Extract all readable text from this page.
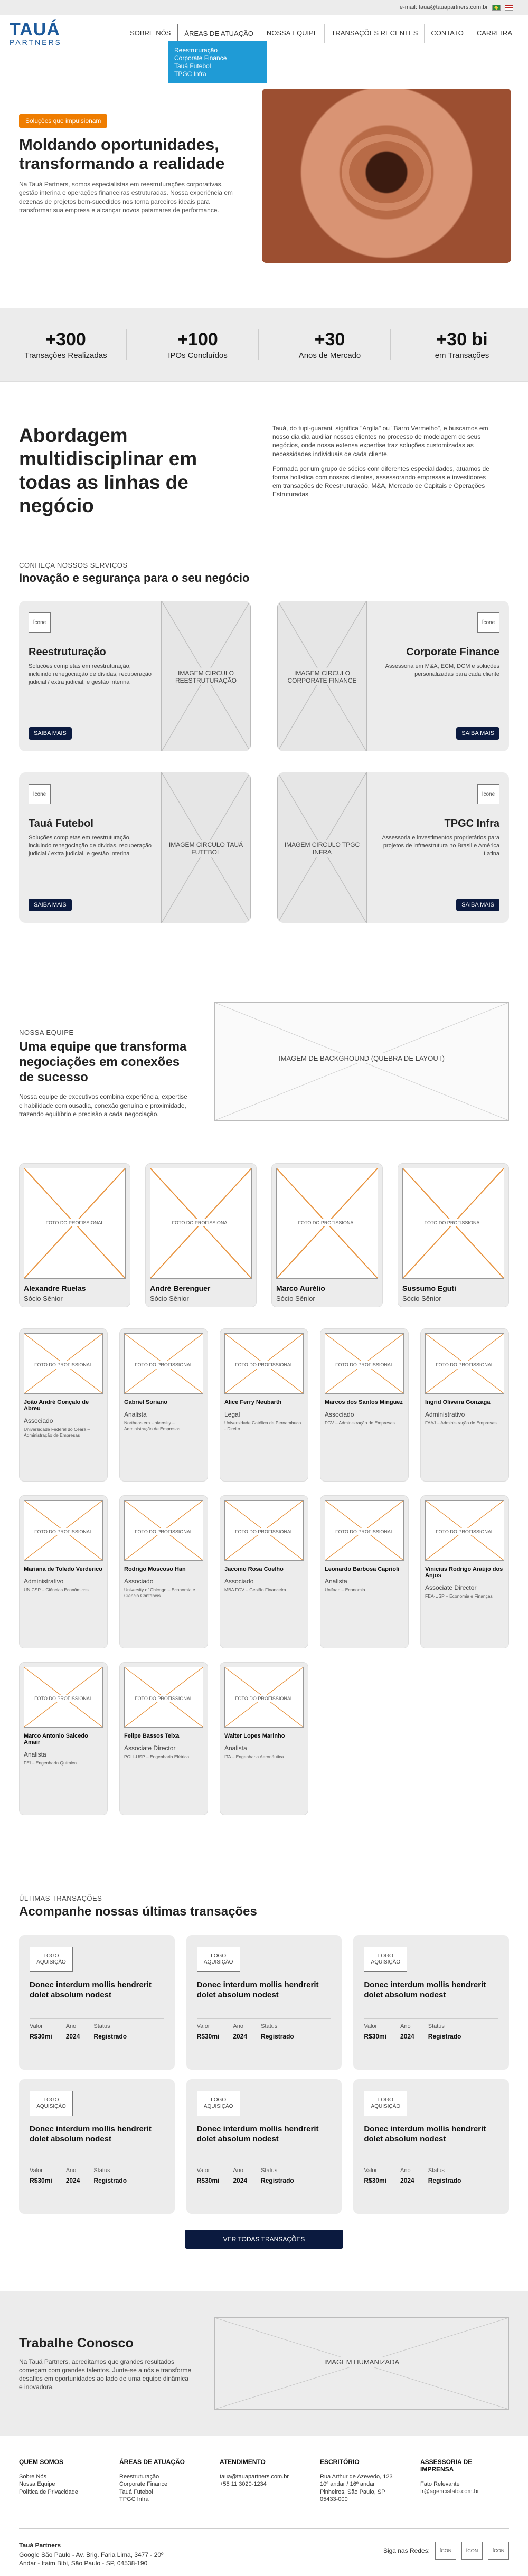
e-mail: taua@tauapartners.com.br
TAUÁ
PARTNERS
SOBRE NÓS	ÁREAS DE ATUAÇÃO	NOSSA EQUIPE	TRANSAÇÕES RECENTES	CONTATO	CARREIRA
Reestruturação
Corporate Finance
Tauá Futebol
TPGC Infra
Soluções que impulsionam
Moldando oportunidades, transformando a realidade

Na Tauá Partners, somos especialistas em reestruturações corporativas, gestão interina e operações financeiras estruturadas. Nossa experiência em dezenas de projetos bem-sucedidos nos torna parceiros ideais para transformar sua empresa e alcançar novos patamares de performance.

+300
Transações Realizadas
+100
IPOs Concluídos
+30
Anos de Mercado
+30 bi
em Transações
Abordagem multidisciplinar em todas as linhas de negócio

Tauá, do tupi-guarani, significa "Argila" ou "Barro Vermelho", e buscamos em nosso dia dia auxiliar nossos clientes no processo de modelagem de seus negócios, onde nossa extensa expertise traz soluções customizadas as necessidades individuais de cada cliente.

Formada por um grupo de sócios com diferentes especialidades, atuamos de forma holística com nossos clientes, assessorando empresas e investidores em transações de Reestruturação, M&A, Mercado de Capitais e Operações Estruturadas

CONHEÇA NOSSOS SERVIÇOS
Inovação e segurança para o seu negócio
Ícone
Reestruturação

Soluções completas em reestruturação, incluindo renegociação de dívidas, recuperação judicial / extra judicial, e gestão interina

SAIBA MAIS
IMAGEM CIRCULO REESTRUTURAÇÃO
IMAGEM CIRCULO CORPORATE FINANCE
Ícone
Corporate Finance

Assessoria em M&A, ECM, DCM e soluções personalizadas para cada cliente

SAIBA MAIS
Ícone
Tauá Futebol

Soluções completas em reestruturação, incluindo renegociação de dívidas, recuperação judicial / extra judicial, e gestão interina

SAIBA MAIS
IMAGEM CIRCULO TAUÁ FUTEBOL
IMAGEM CIRCULO TPGC INFRA
Ícone
TPGC Infra

Assessoria e investimentos proprietários para projetos de infraestrutura no Brasil e América Latina

SAIBA MAIS
NOSSA EQUIPE
Uma equipe que transforma negociações em conexões de sucesso

Nossa equipe de executivos combina experiência, expertise e habilidade com ousadia, conexão genuína e proximidade, trazendo equilíbrio e precisão a cada negociação.

IMAGEM DE BACKGROUND (QUEBRA DE LAYOUT)
FOTO DO PROFISSIONAL
Alexandre Ruelas
Sócio Sênior
FOTO DO PROFISSIONAL
André Berenguer
Sócio Sênior
FOTO DO PROFISSIONAL
Marco Aurélio
Sócio Sênior
FOTO DO PROFISSIONAL
Sussumo Eguti
Sócio Sênior
FOTO DO PROFISSIONAL
João André Gonçalo de Abreu
Associado
Universidade Federal do Ceará – Administração de Empresas
FOTO DO PROFISSIONAL
Gabriel Soriano
Analista
Northeastern University – Administração de Empresas
FOTO DO PROFISSIONAL
Alice Ferry Neubarth
Legal
Universidade Católica de Pernambuco - Direito
FOTO DO PROFISSIONAL
Marcos dos Santos Minguez
Associado
FGV – Administração de Empresas
FOTO DO PROFISSIONAL
Ingrid Oliveira Gonzaga
Administrativo
FAAJ – Administração de Empresas
FOTO DO PROFISSIONAL
Mariana de Toledo Verderico
Administrativo
UNICSP – Ciências Econômicas
FOTO DO PROFISSIONAL
Rodrigo Moscoso Han
Associado
University of Chicago – Economia e Ciência Contábeis
FOTO DO PROFISSIONAL
Jacomo Rosa Coelho
Associado
MBA FGV – Gestão Financeira
FOTO DO PROFISSIONAL
Leonardo Barbosa Caprioli
Analista
Unifaap – Economia
FOTO DO PROFISSIONAL
Vinicius Rodrigo Araújo dos Anjos
Associate Director
FEA-USP – Economia e Finanças
FOTO DO PROFISSIONAL
Marco Antonio Salcedo Amair
Analista
FEI – Engenharia Química
FOTO DO PROFISSIONAL
Felipe Bassos Teixa
Associate Director
POLI-USP – Engenharia Elétrica
FOTO DO PROFISSIONAL
Walter Lopes Marinho
Analista
ITA – Engenharia Aeronáutica
ÚLTIMAS TRANSAÇÕES
Acompanhe nossas últimas transações
LOGO AQUISIÇÃO
Donec interdum mollis hendrerit dolet absolum nodest
Valor
R$30mi
Ano
2024
Status
Registrado
LOGO AQUISIÇÃO
Donec interdum mollis hendrerit dolet absolum nodest
Valor
R$30mi
Ano
2024
Status
Registrado
LOGO AQUISIÇÃO
Donec interdum mollis hendrerit dolet absolum nodest
Valor
R$30mi
Ano
2024
Status
Registrado
LOGO AQUISIÇÃO
Donec interdum mollis hendrerit dolet absolum nodest
Valor
R$30mi
Ano
2024
Status
Registrado
LOGO AQUISIÇÃO
Donec interdum mollis hendrerit dolet absolum nodest
Valor
R$30mi
Ano
2024
Status
Registrado
LOGO AQUISIÇÃO
Donec interdum mollis hendrerit dolet absolum nodest
Valor
R$30mi
Ano
2024
Status
Registrado
VER TODAS TRANSAÇÕES
Trabalhe Conosco

Na Tauá Partners, acreditamos que grandes resultados começam com grandes talentos. Junte-se a nós e transforme desafios em oportunidades ao lado de uma equipe dinâmica e inovadora.

IMAGEM HUMANIZADA
QUEM SOMOS
Sobre Nós
Nossa Equipe
Política de Privacidade
ÁREAS DE ATUAÇÃO
Reestruturação
Corporate Finance
Tauá Futebol
TPGC Infra
ATENDIMENTO
taua@tauapartners.com.br
+55 11 3020-1234
ESCRITÓRIO
Rua Arthur de Azevedo, 123
10º andar / 16º andar
Pinheiros, São Paulo, SP
05433-000
ASSESSORIA DE IMPRENSA
Fato Relevante
fr@agenciafato.com.br
Tauá Partners
Google São Paulo - Av. Brig. Faria Lima, 3477 - 20º Andar - Itaim Bibi, São Paulo - SP, 04538-190
Siga nas Redes:	ÍCON	ÍCON	ÍCON
